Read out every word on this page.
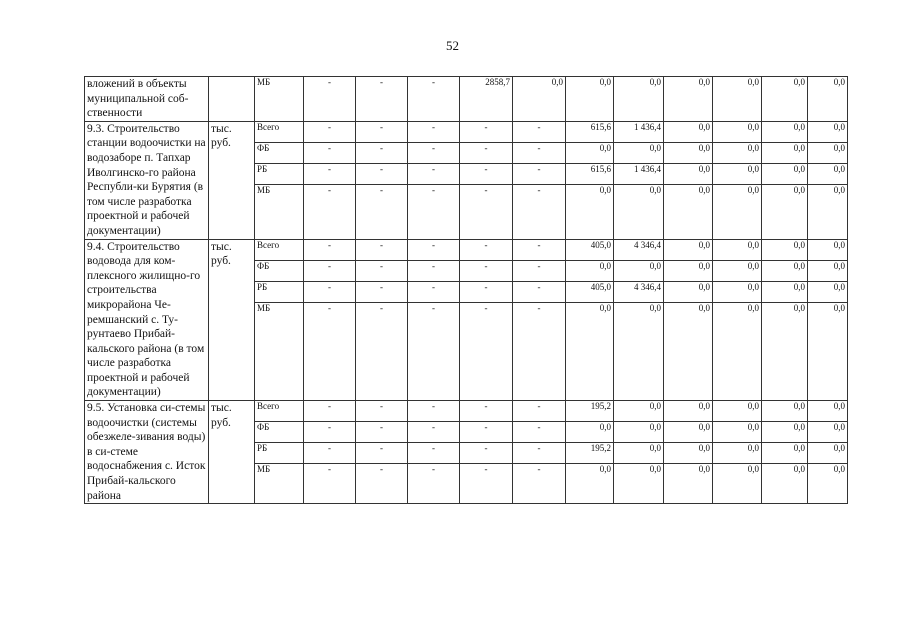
52
вложений в объекты муниципальной соб-ственности		МБ	-	-	-	2858,7	0,0	0,0	0,0	0,0	0,0	0,0	0,0
9.3. Строительство станции водоочистки на водозаборе п. Тапхар Иволгинско-го района Республи-ки Бурятия (в том числе разработка проектной и рабочей документации)	тыс. руб.	Всего	-	-	-	-	-	615,6	1 436,4	0,0	0,0	0,0	0,0
		ФБ	-	-	-	-	-	0,0	0,0	0,0	0,0	0,0	0,0
		РБ	-	-	-	-	-	615,6	1 436,4	0,0	0,0	0,0	0,0
		МБ	-	-	-	-	-	0,0	0,0	0,0	0,0	0,0	0,0
9.4. Строительство водовода для ком-плексного жилищно-го строительства микрорайона Че-ремшанский с. Ту-рунтаево Прибай-кальского района (в том числе разработка проектной и рабочей документации)	тыс. руб.	Всего	-	-	-	-	-	405,0	4 346,4	0,0	0,0	0,0	0,0
		ФБ	-	-	-	-	-	0,0	0,0	0,0	0,0	0,0	0,0
		РБ	-	-	-	-	-	405,0	4 346,4	0,0	0,0	0,0	0,0
		МБ	-	-	-	-	-	0,0	0,0	0,0	0,0	0,0	0,0
9.5. Установка си-стемы водоочистки (системы обезжеле-зивания воды) в си-стеме водоснабжения с. Исток Прибай-кальского района	тыс. руб.	Всего	-	-	-	-	-	195,2	0,0	0,0	0,0	0,0	0,0
		ФБ	-	-	-	-	-	0,0	0,0	0,0	0,0	0,0	0,0
		РБ	-	-	-	-	-	195,2	0,0	0,0	0,0	0,0	0,0
		МБ	-	-	-	-	-	0,0	0,0	0,0	0,0	0,0	0,0
